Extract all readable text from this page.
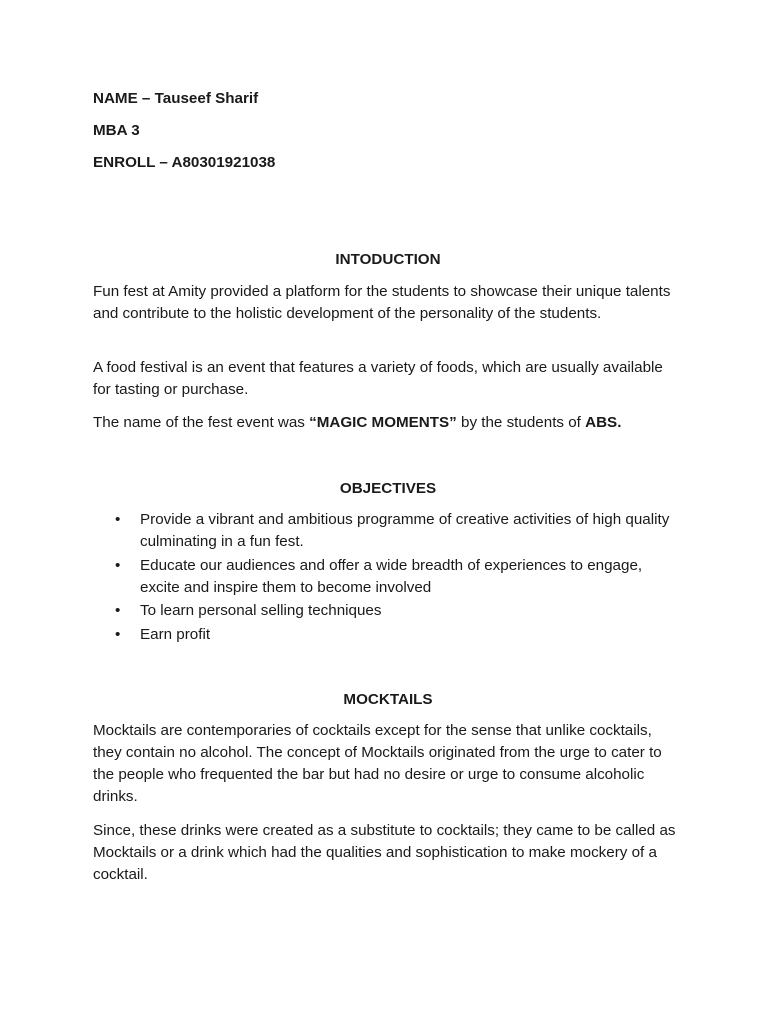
NAME – Tauseef Sharif
MBA 3
ENROLL – A80301921038
INTODUCTION

Fun fest at Amity provided a platform for the students to showcase their unique talents and contribute to the holistic development of the personality of the students.

A food festival is an event that features a variety of foods, which are usually available for tasting or purchase.

The name of the fest event was “MAGIC MOMENTS” by the students of ABS.

OBJECTIVES
• Provide a vibrant and ambitious programme of creative activities of high quality culminating in a fun fest.
• Educate our audiences and offer a wide breadth of experiences to engage, excite and inspire them to become involved
• To learn personal selling techniques
• Earn profit
MOCKTAILS

Mocktails are contemporaries of cocktails except for the sense that unlike cocktails, they contain no alcohol. The concept of Mocktails originated from the urge to cater to the people who frequented the bar but had no desire or urge to consume alcoholic drinks.

Since, these drinks were created as a substitute to cocktails; they came to be called as Mocktails or a drink which had the qualities and sophistication to make mockery of a cocktail.
